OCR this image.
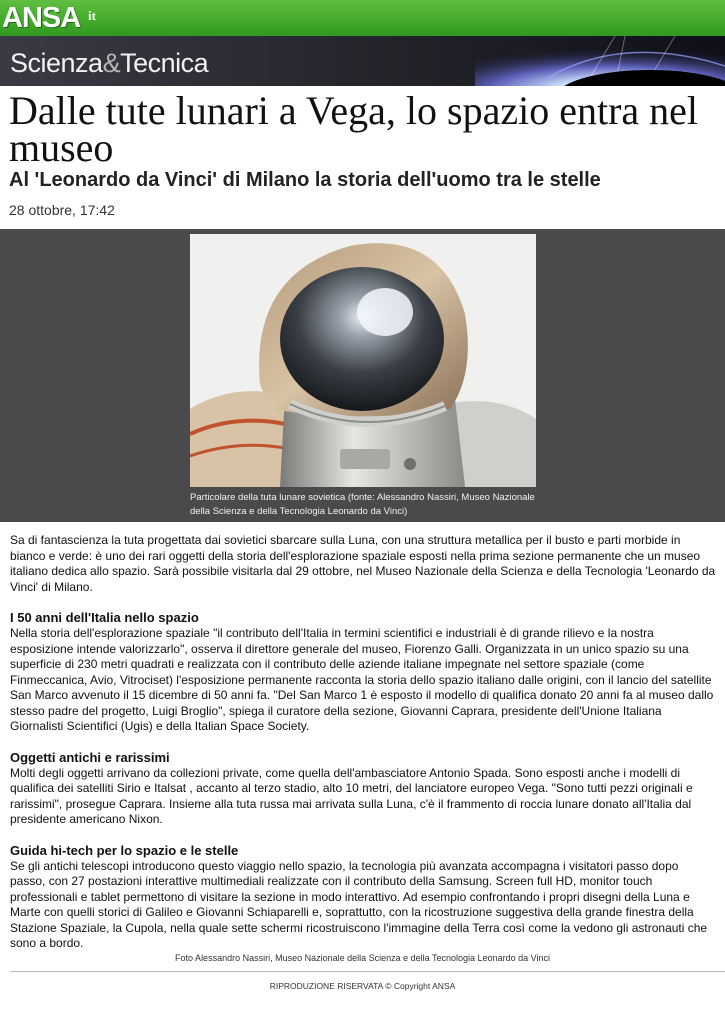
ANSA it
Scienza&Tecnica
Dalle tute lunari a Vega, lo spazio entra nel museo
Al 'Leonardo da Vinci' di Milano la storia dell'uomo tra le stelle
28 ottobre, 17:42
Particolare della tuta lunare sovietica (fonte: Alessandro Nassiri, Museo Nazionale della Scienza e della Tecnologia Leonardo da Vinci)

Sa di fantascienza la tuta progettata dai sovietici sbarcare sulla Luna, con una struttura metallica per il busto e parti morbide in bianco e verde: è uno dei rari oggetti della storia dell'esplorazione spaziale esposti nella prima sezione permanente che un museo italiano dedica allo spazio. Sarà possibile visitarla dal 29 ottobre, nel Museo Nazionale della Scienza e della Tecnologia 'Leonardo da Vinci' di Milano.

I 50 anni dell'Italia nello spazio

Nella storia dell'esplorazione spaziale "il contributo dell'Italia in termini scientifici e industriali è di grande rilievo e la nostra esposizione intende valorizzarlo", osserva il direttore generale del museo, Fiorenzo Galli. Organizzata in un unico spazio su una superficie di 230 metri quadrati e realizzata con il contributo delle aziende italiane impegnate nel settore spaziale (come Finmeccanica, Avio, Vitrociset) l'esposizione permanente racconta la storia dello spazio italiano dalle origini, con il lancio del satellite San Marco avvenuto il 15 dicembre di 50 anni fa. "Del San Marco 1 è esposto il modello di qualifica donato 20 anni fa al museo dallo stesso padre del progetto, Luigi Broglio", spiega il curatore della sezione, Giovanni Caprara, presidente dell'Unione Italiana Giornalisti Scientifici (Ugis) e della Italian Space Society.

Oggetti antichi e rarissimi

Molti degli oggetti arrivano da collezioni private, come quella dell'ambasciatore Antonio Spada. Sono esposti anche i modelli di qualifica dei satelliti Sirio e Italsat , accanto al terzo stadio, alto 10 metri, del lanciatore europeo Vega. "Sono tutti pezzi originali e rarissimi", prosegue Caprara. Insieme alla tuta russa mai arrivata sulla Luna, c'è il frammento di roccia lunare donato all'Italia dal presidente americano Nixon.

Guida hi-tech per lo spazio e le stelle

Se gli antichi telescopi introducono questo viaggio nello spazio, la tecnologia più avanzata accompagna i visitatori passo dopo passo, con 27 postazioni interattive multimediali realizzate con il contributo della Samsung. Screen full HD, monitor touch professionali e tablet permettono di visitare la sezione in modo interattivo. Ad esempio confrontando i propri disegni della Luna e Marte con quelli storici di Galileo e Giovanni Schiaparelli e, soprattutto, con la ricostruzione suggestiva della grande finestra della Stazione Spaziale, la Cupola, nella quale sette schermi ricostruiscono l'immagine della Terra così come la vedono gli astronauti che sono a bordo.

Foto Alessandro Nassiri, Museo Nazionale della Scienza e della Tecnologia Leonardo da Vinci
RIPRODUZIONE RISERVATA © Copyright ANSA
